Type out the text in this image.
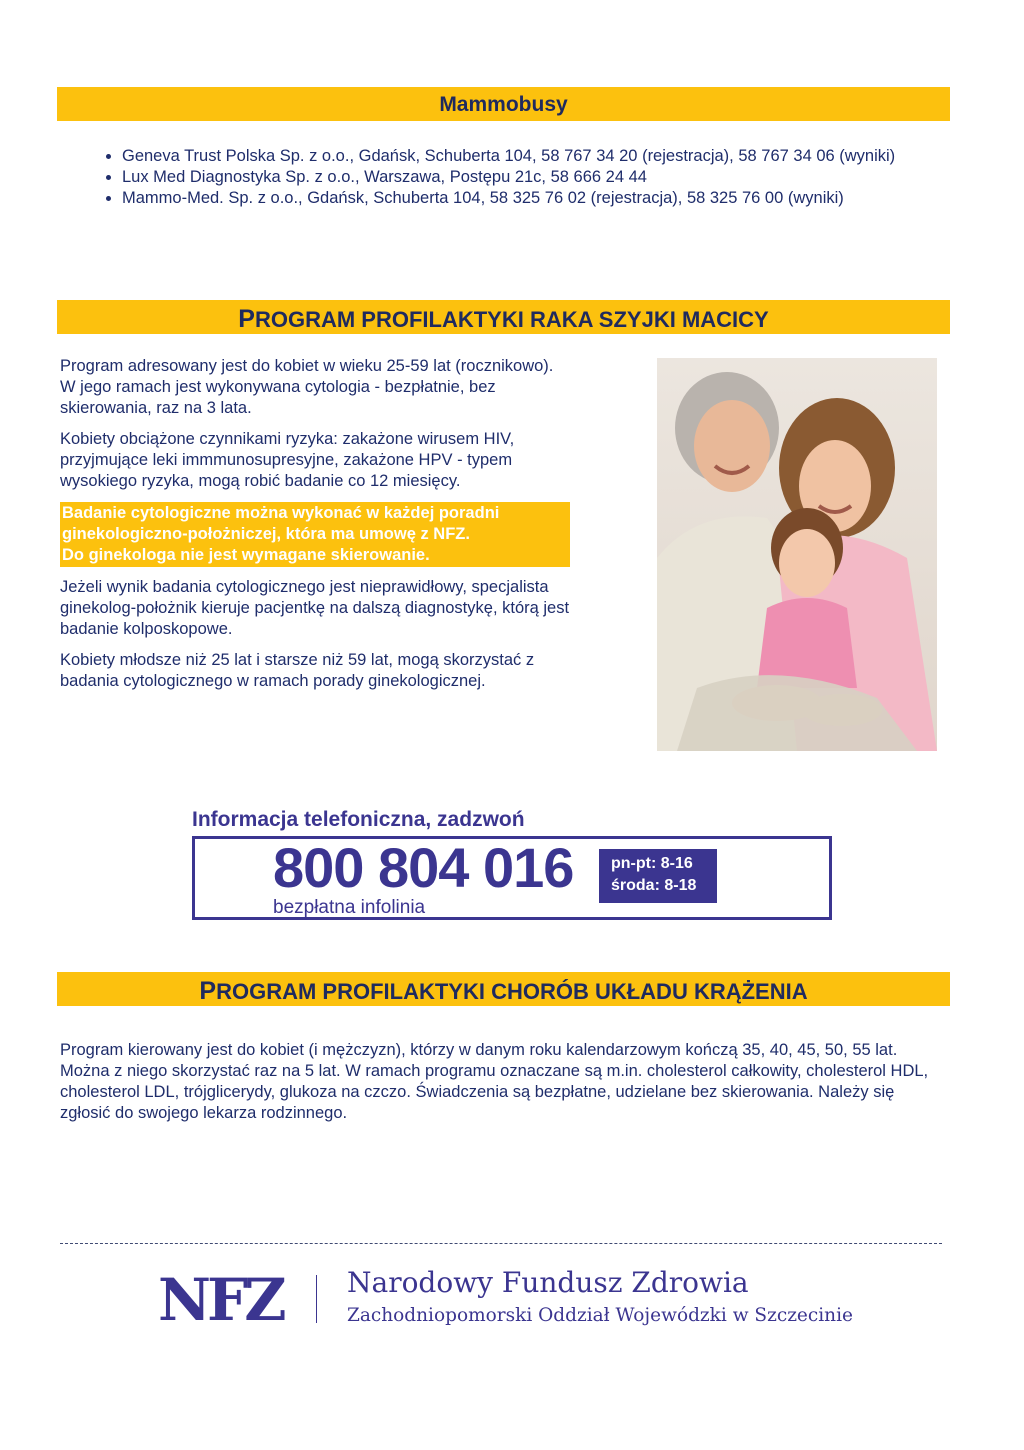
Mammobusy
• Geneva Trust Polska Sp. z o.o., Gdańsk, Schuberta 104, 58 767 34 20 (rejestracja), 58 767 34 06 (wyniki)
• Lux Med Diagnostyka Sp. z o.o., Warszawa, Postępu 21c, 58 666 24 44
• Mammo-Med. Sp. z o.o., Gdańsk, Schuberta 104, 58 325 76 02 (rejestracja), 58 325 76 00 (wyniki)
PROGRAM PROFILAKTYKI RAKA SZYJKI MACICY

Program adresowany jest do kobiet w wieku 25-59 lat (rocznikowo). W jego ramach jest wykonywana cytologia - bezpłatnie, bez skierowania, raz na 3 lata.

Kobiety obciążone czynnikami ryzyka: zakażone wirusem HIV, przyjmujące leki immmunosupresyjne, zakażone HPV - typem wysokiego ryzyka, mogą robić badanie co 12 miesięcy.

Badanie cytologiczne można wykonać w każdej poradni ginekologiczno-położniczej, która ma umowę z NFZ.
Do ginekologa nie jest wymagane skierowanie.

Jeżeli wynik badania cytologicznego jest nieprawidłowy, specjalista ginekolog-położnik kieruje pacjentkę na dalszą diagnostykę, którą jest badanie kolposkopowe.

Kobiety młodsze niż 25 lat i starsze niż 59 lat, mogą skorzystać z badania cytologicznego w ramach porady ginekologicznej.

Informacja telefoniczna, zadzwoń
800 804 016
bezpłatna infolinia
pn-pt: 8-16
środa: 8-18
PROGRAM PROFILAKTYKI CHORÓB UKŁADU KRĄŻENIA
Program kierowany jest do kobiet (i mężczyzn), którzy w danym roku kalendarzowym kończą 35, 40, 45, 50, 55 lat. Można z niego skorzystać raz na 5 lat. W ramach programu oznaczane są m.in. cholesterol całkowity, cholesterol HDL, cholesterol LDL, trójglicerydy, glukoza na czczo. Świadczenia są bezpłatne, udzielane bez skierowania. Należy się zgłosić do swojego lekarza rodzinnego.
NFZ Narodowy Fundusz Zdrowia
Zachodniopomorski Oddział Wojewódzki w Szczecinie
